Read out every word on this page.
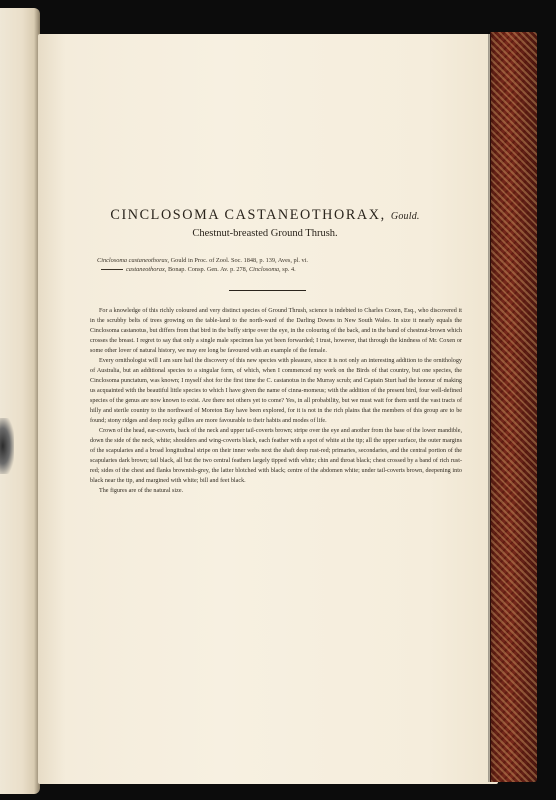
CINCLOSOMA CASTANEOTHORAX, Gould.
Chestnut-breasted Ground Thrush.
Cinclosoma castaneothorax, Gould in Proc. of Zool. Soc. 1848, p. 139, Aves, pl. vi.
castaneothorax, Bonap. Consp. Gen. Av. p. 278, Cinclosoma, sp. 4.

For a knowledge of this richly coloured and very distinct species of Ground Thrush, science is indebted to Charles Coxen, Esq., who discovered it in the scrubby belts of trees growing on the table-land to the north-ward of the Darling Downs in New South Wales. In size it nearly equals the Cinclosoma castanotus, but differs from that bird in the buffy stripe over the eye, in the colouring of the back, and in the band of chestnut-brown which crosses the breast. I regret to say that only a single male specimen has yet been forwarded; I trust, however, that through the kindness of Mr. Coxen or some other lover of natural history, we may ere long be favoured with an example of the female.

Every ornithologist will I am sure hail the discovery of this new species with pleasure, since it is not only an interesting addition to the ornithology of Australia, but an additional species to a singular form, of which, when I commenced my work on the Birds of that country, but one species, the Cinclosoma punctatum, was known; I myself shot for the first time the C. castanotus in the Murray scrub; and Captain Sturt had the honour of making us acquainted with the beautiful little species to which I have given the name of cinna-momeus; with the addition of the present bird, four well-defined species of the genus are now known to exist. Are there not others yet to come? Yes, in all probability, but we must wait for them until the vast tracts of hilly and sterile country to the northward of Moreton Bay have been explored, for it is not in the rich plains that the members of this group are to be found; stony ridges and deep rocky gullies are more favourable to their habits and modes of life.

Crown of the head, ear-coverts, back of the neck and upper tail-coverts brown; stripe over the eye and another from the base of the lower mandible, down the side of the neck, white; shoulders and wing-coverts black, each feather with a spot of white at the tip; all the upper surface, the outer margins of the scapularies and a broad longitudinal stripe on their inner webs next the shaft deep rust-red; primaries, secondaries, and the central portion of the scapularies dark brown; tail black, all but the two central feathers largely tipped with white; chin and throat black; chest crossed by a band of rich rust-red; sides of the chest and flanks brownish-grey, the latter blotched with black; centre of the abdomen white; under tail-coverts brown, deepening into black near the tip, and margined with white; bill and feet black.

The figures are of the natural size.
